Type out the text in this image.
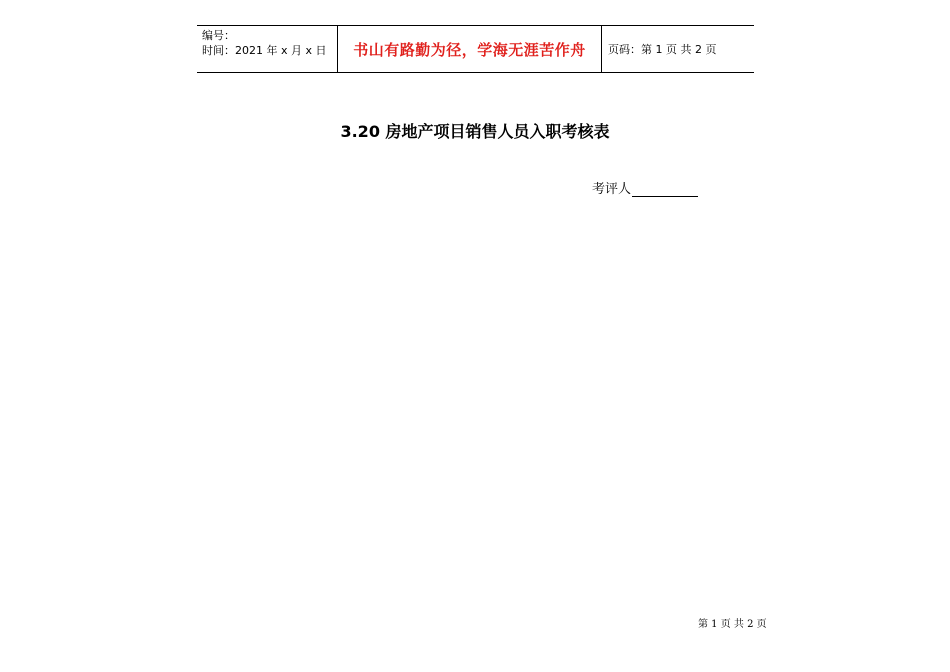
编号：
时间：2021 年 x 月 x 日	书山有路勤为径，学海无涯苦作舟 页码：第 1 页 共 2 页
3.20 房地产项目销售人员入职考核表
考评人
第 1 页 共 2 页
